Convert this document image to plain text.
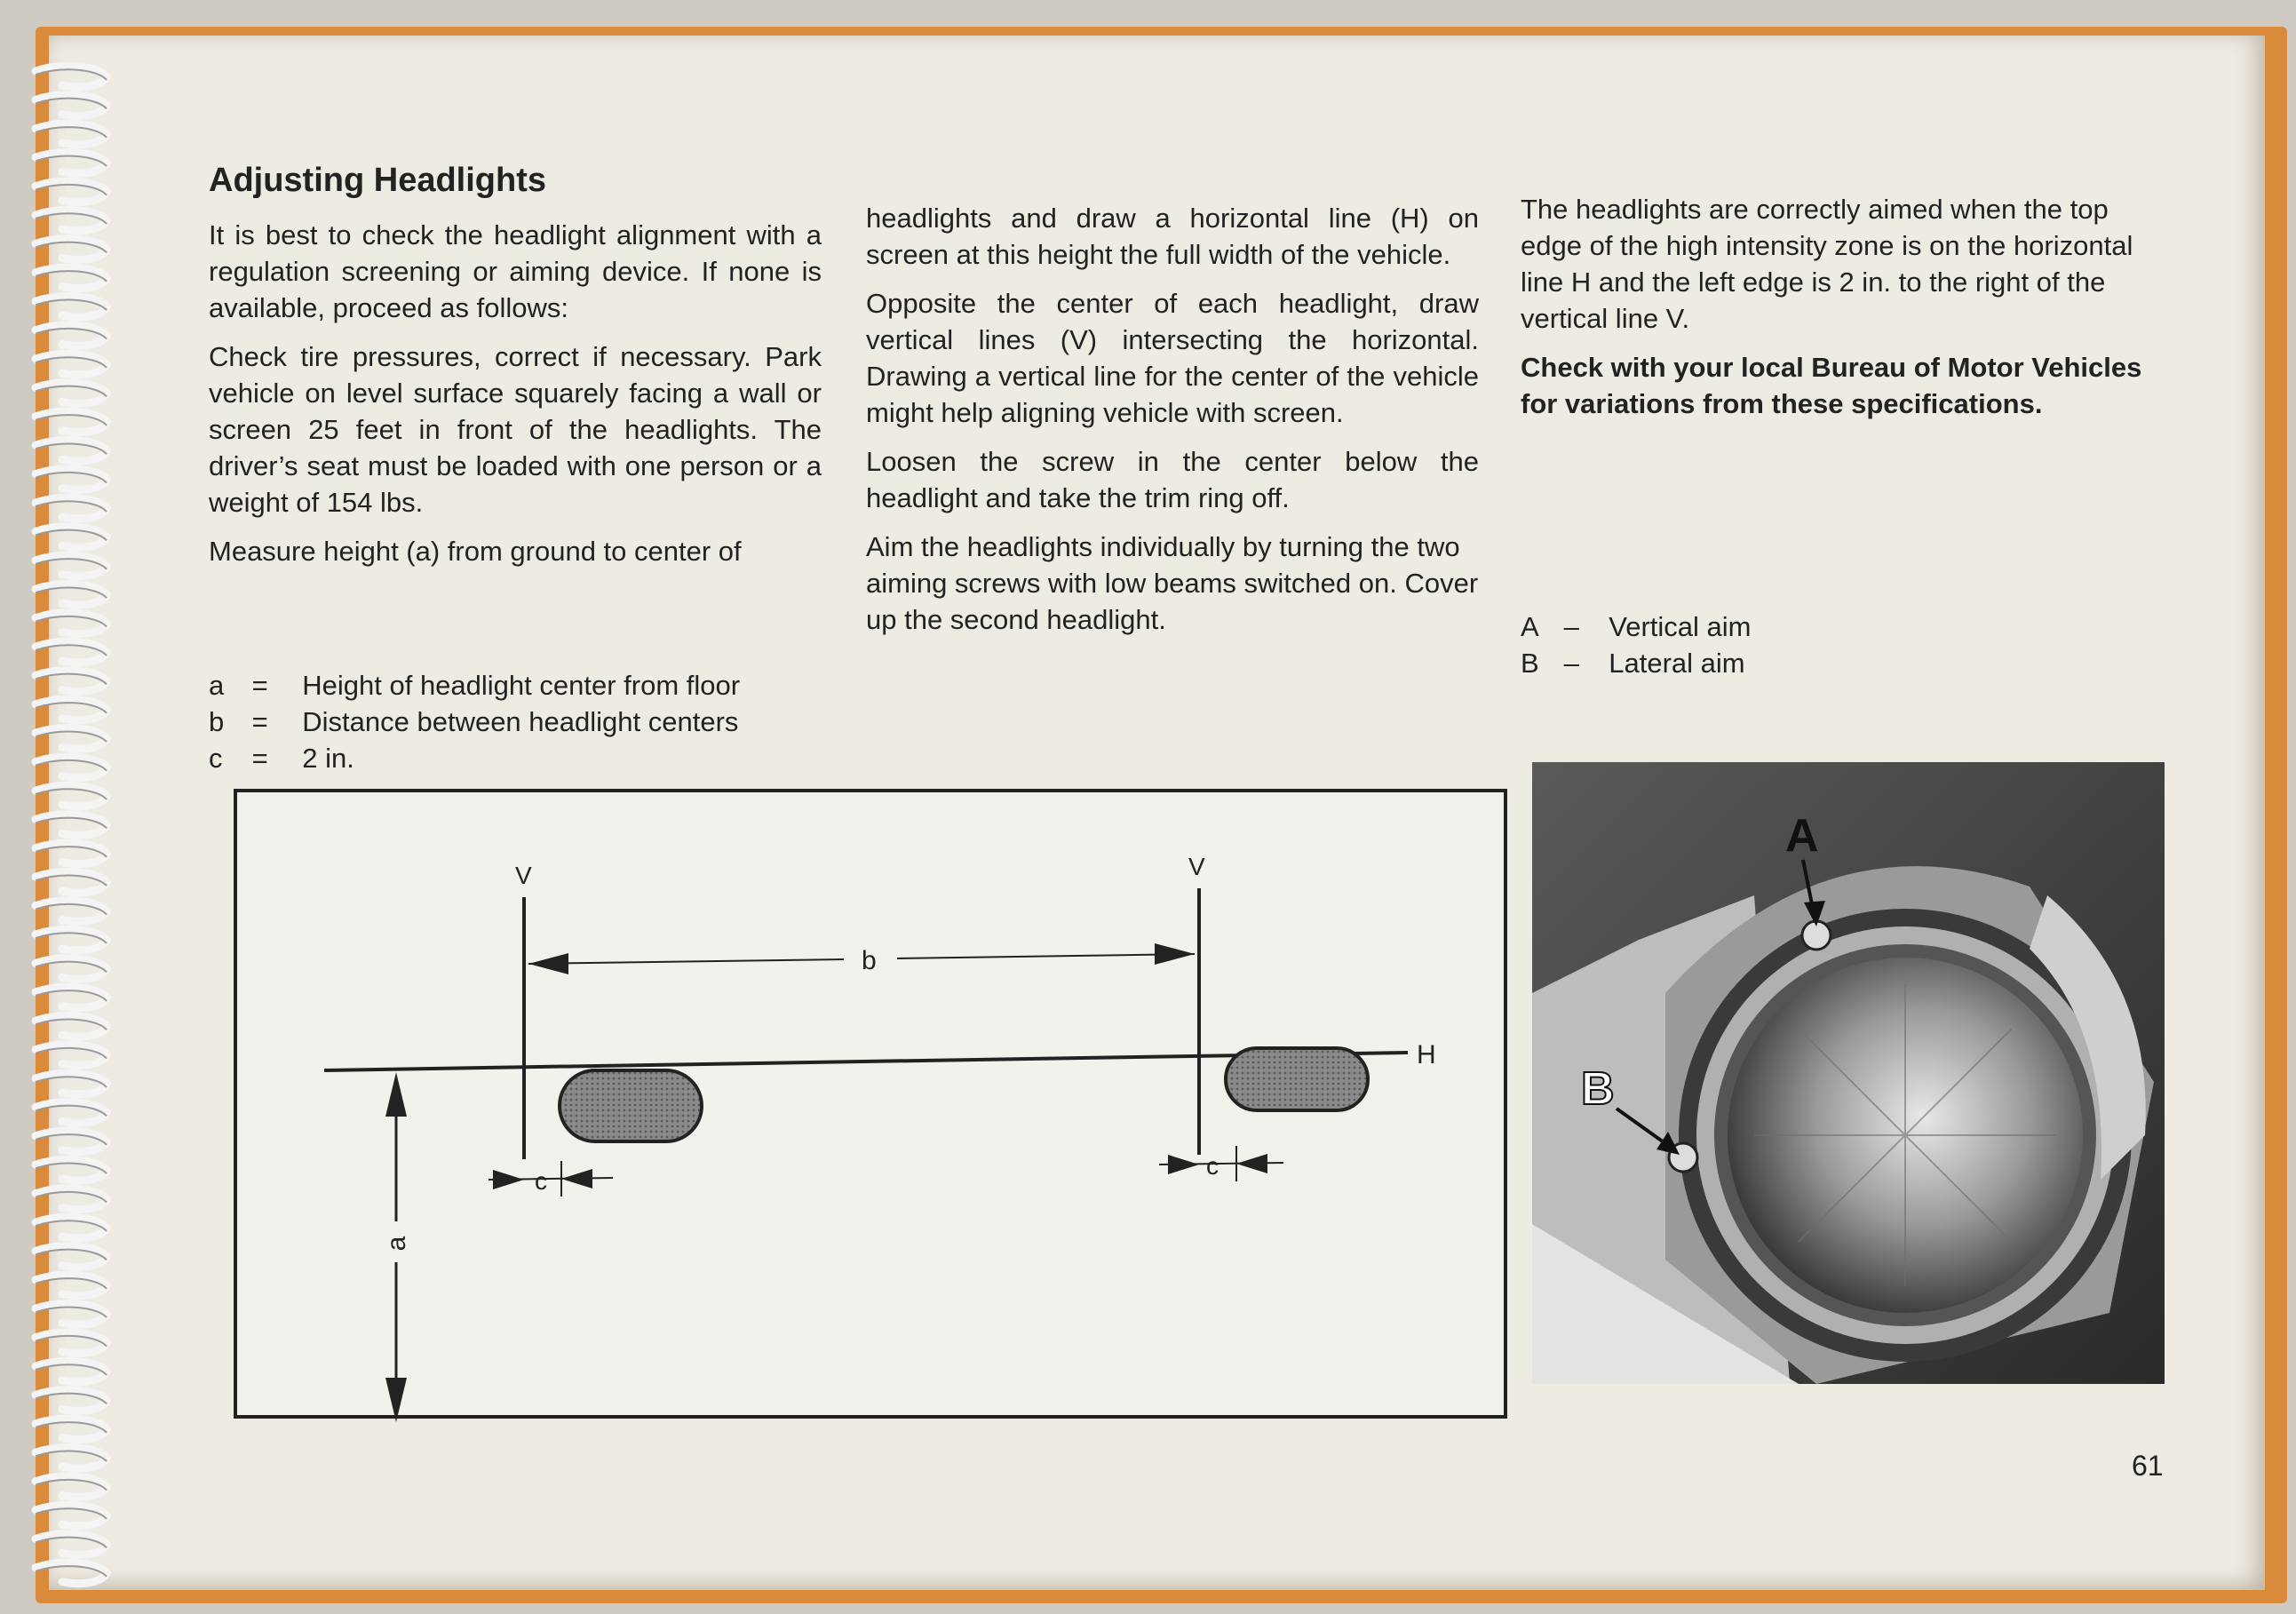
Adjusting Headlights

It is best to check the headlight alignment with a regulation screening or aiming device. If none is available, proceed as follows:

Check tire pressures, correct if necessary. Park vehicle on level surface squarely facing a wall or screen 25 feet in front of the headlights. The driver’s seat must be loaded with one person or a weight of 154 lbs.

Measure height (a) from ground to center of

a = Height of headlight center from floor
b = Distance between headlight centers
c = 2 in.

headlights and draw a horizontal line (H) on screen at this height the full width of the vehicle.

Opposite the center of each headlight, draw vertical lines (V) intersecting the horizontal. Drawing a vertical line for the center of the vehicle might help aligning vehicle with screen.

Loosen the screw in the center below the headlight and take the trim ring off.

Aim the headlights individually by turning the two aiming screws with low beams switched on. Cover up the second headlight.

The headlights are correctly aimed when the top edge of the high intensity zone is on the horizontal line H and the left edge is 2 in. to the right of the vertical line V.

Check with your local Bureau of Motor Vehicles for variations from these specifications.

A – Vertical aim
B – Lateral aim
H
V	V
b
c
c
a
A
B
61
